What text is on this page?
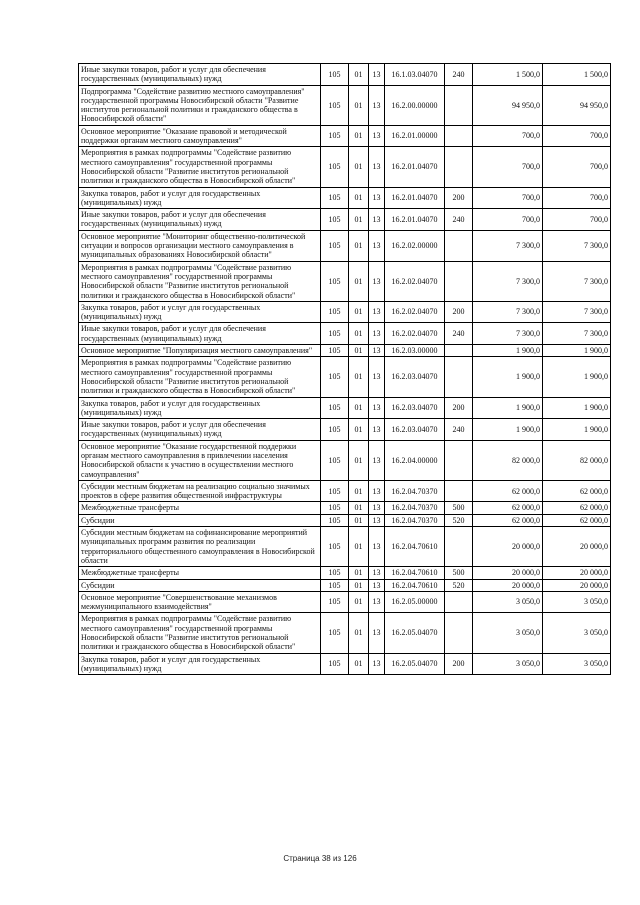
Иные закупки товаров, работ и услуг для обеспечения государственных (муниципальных) нужд	105	01	13	16.1.03.04070	240	1 500,0	1 500,0
Подпрограмма "Содействие развитию местного самоуправления" государственной программы Новосибирской области "Развитие институтов региональной политики и гражданского общества в Новосибирской области"	105	01	13	16.2.00.00000		94 950,0	94 950,0
Основное мероприятие "Оказание правовой и методической поддержки органам местного самоуправления"	105	01	13	16.2.01.00000		700,0	700,0
Мероприятия в рамках подпрограммы "Содействие развитию местного самоуправления" государственной программы Новосибирской области "Развитие институтов региональной политики и гражданского общества в Новосибирской области"	105	01	13	16.2.01.04070		700,0	700,0
Закупка товаров, работ и услуг для государственных (муниципальных) нужд	105	01	13	16.2.01.04070	200	700,0	700,0
Иные закупки товаров, работ и услуг для обеспечения государственных (муниципальных) нужд	105	01	13	16.2.01.04070	240	700,0	700,0
Основное мероприятие "Мониторинг общественно-политической ситуации и вопросов организации местного самоуправления в муниципальных образованиях Новосибирской области"	105	01	13	16.2.02.00000		7 300,0	7 300,0
Мероприятия в рамках подпрограммы "Содействие развитию местного самоуправления" государственной программы Новосибирской области "Развитие институтов региональной политики и гражданского общества в Новосибирской области"	105	01	13	16.2.02.04070		7 300,0	7 300,0
Закупка товаров, работ и услуг для государственных (муниципальных) нужд	105	01	13	16.2.02.04070	200	7 300,0	7 300,0
Иные закупки товаров, работ и услуг для обеспечения государственных (муниципальных) нужд	105	01	13	16.2.02.04070	240	7 300,0	7 300,0
Основное мероприятие "Популяризация местного самоуправления"	105	01	13	16.2.03.00000		1 900,0	1 900,0
Мероприятия в рамках подпрограммы "Содействие развитию местного самоуправления" государственной программы Новосибирской области "Развитие институтов региональной политики и гражданского общества в Новосибирской области"	105	01	13	16.2.03.04070		1 900,0	1 900,0
Закупка товаров, работ и услуг для государственных (муниципальных) нужд	105	01	13	16.2.03.04070	200	1 900,0	1 900,0
Иные закупки товаров, работ и услуг для обеспечения государственных (муниципальных) нужд	105	01	13	16.2.03.04070	240	1 900,0	1 900,0
Основное мероприятие "Оказание государственной поддержки органам местного самоуправления в привлечении населения Новосибирской области к участию в осуществлении местного самоуправления"	105	01	13	16.2.04.00000		82 000,0	82 000,0
Субсидии местным бюджетам на реализацию социально значимых проектов в сфере развития общественной инфраструктуры	105	01	13	16.2.04.70370		62 000,0	62 000,0
Межбюджетные трансферты	105	01	13	16.2.04.70370	500	62 000,0	62 000,0
Субсидии	105	01	13	16.2.04.70370	520	62 000,0	62 000,0
Субсидии местным бюджетам на софинансирование мероприятий муниципальных программ развития по реализации территориального общественного самоуправления в Новосибирской области	105	01	13	16.2.04.70610		20 000,0	20 000,0
Межбюджетные трансферты	105	01	13	16.2.04.70610	500	20 000,0	20 000,0
Субсидии	105	01	13	16.2.04.70610	520	20 000,0	20 000,0
Основное мероприятие "Совершенствование механизмов межмуниципального взаимодействия"	105	01	13	16.2.05.00000		3 050,0	3 050,0
Мероприятия в рамках подпрограммы "Содействие развитию местного самоуправления" государственной программы Новосибирской области "Развитие институтов региональной политики и гражданского общества в Новосибирской области"	105	01	13	16.2.05.04070		3 050,0	3 050,0
Закупка товаров, работ и услуг для государственных (муниципальных) нужд	105	01	13	16.2.05.04070	200	3 050,0	3 050,0
Страница 38 из 126
